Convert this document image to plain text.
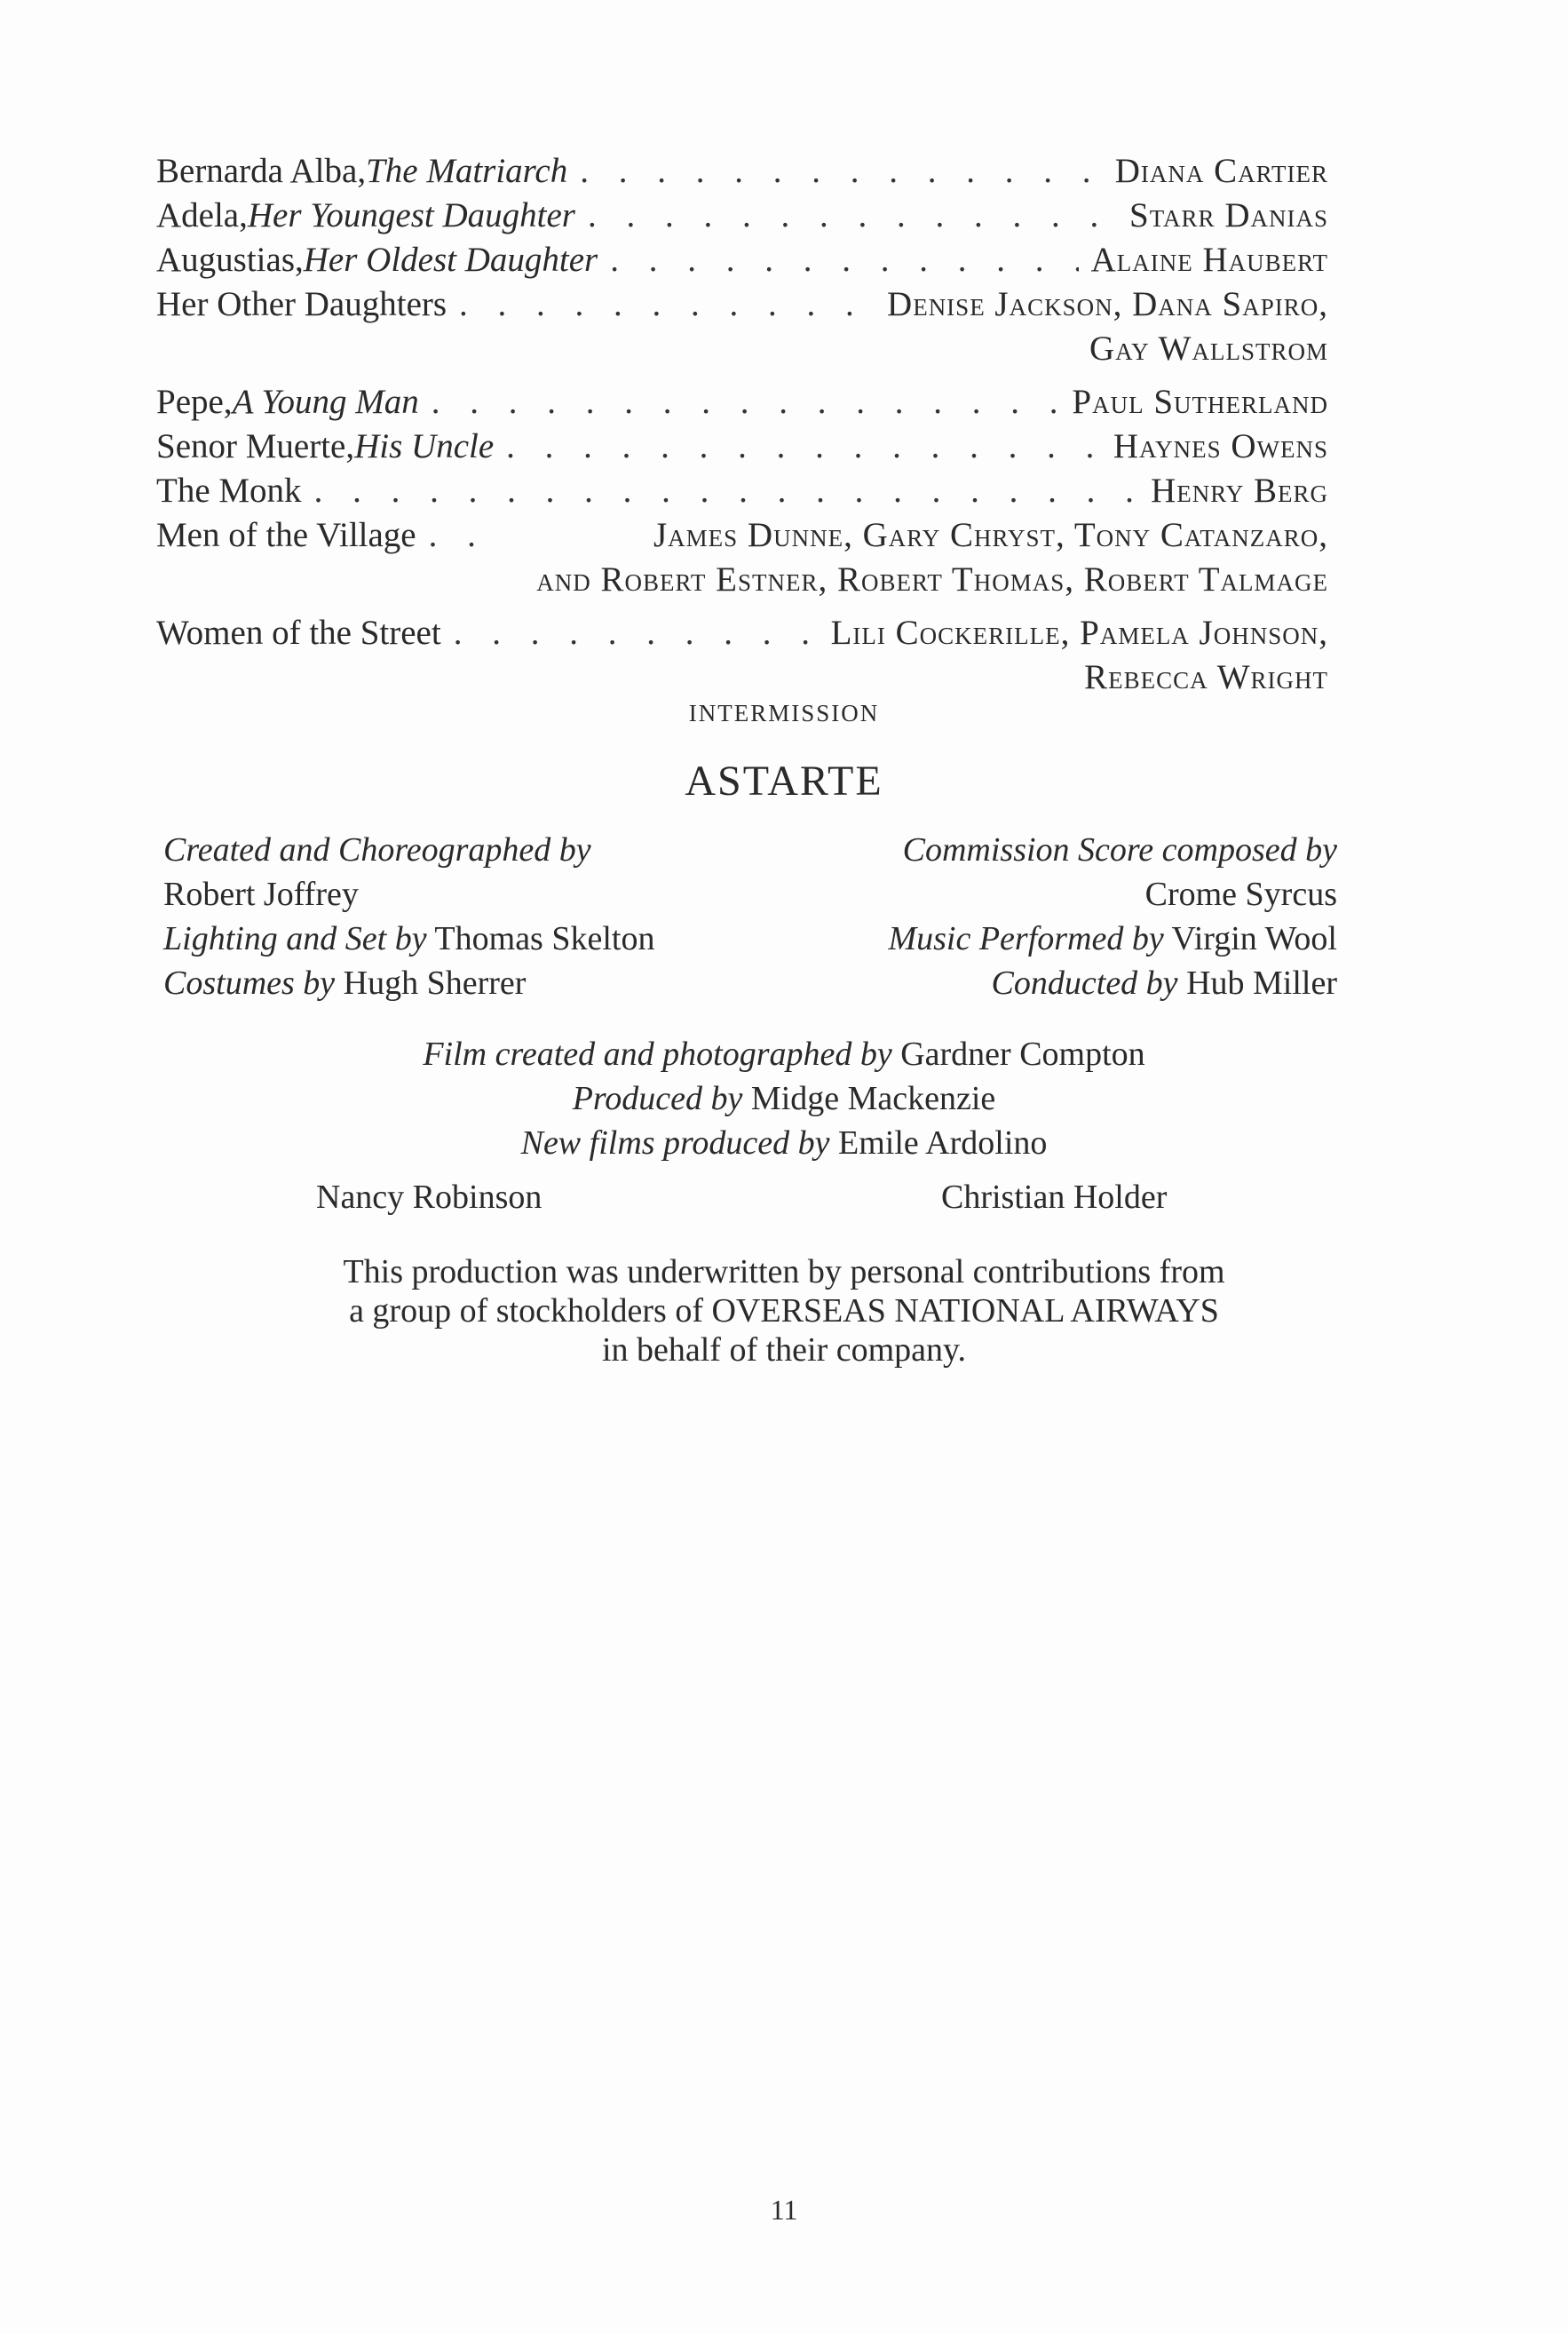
Bernarda Alba, The Matriarch . . .	Diana Cartier
Adela, Her Youngest Daughter . . .	Starr Danias
Augustias, Her Oldest Daughter . . .	Alaine Haubert
Her Other Daughters . . .	Denise Jackson, Dana Sapiro,
Gay Wallstrom
Pepe, A Young Man . . .	Paul Sutherland
Senor Muerte, His Uncle . . .	Haynes Owens
The Monk . . .	Henry Berg
Men of the Village . . .	James Dunne, Gary Chryst, Tony Catanzaro,
and Robert Estner, Robert Thomas, Robert Talmage
Women of the Street . . .	Lili Cockerille, Pamela Johnson,
Rebecca Wright
INTERMISSION
ASTARTE
Created and Choreographed by
Robert Joffrey
Lighting and Set by Thomas Skelton
Costumes by Hugh Sherrer
Commission Score composed by
Crome Syrcus
Music Performed by Virgin Wool
Conducted by Hub Miller
Film created and photographed by Gardner Compton
Produced by Midge Mackenzie
New films produced by Emile Ardolino
Nancy Robinson	Christian Holder
This production was underwritten by personal contributions from
a group of stockholders of OVERSEAS NATIONAL AIRWAYS
in behalf of their company.
11
